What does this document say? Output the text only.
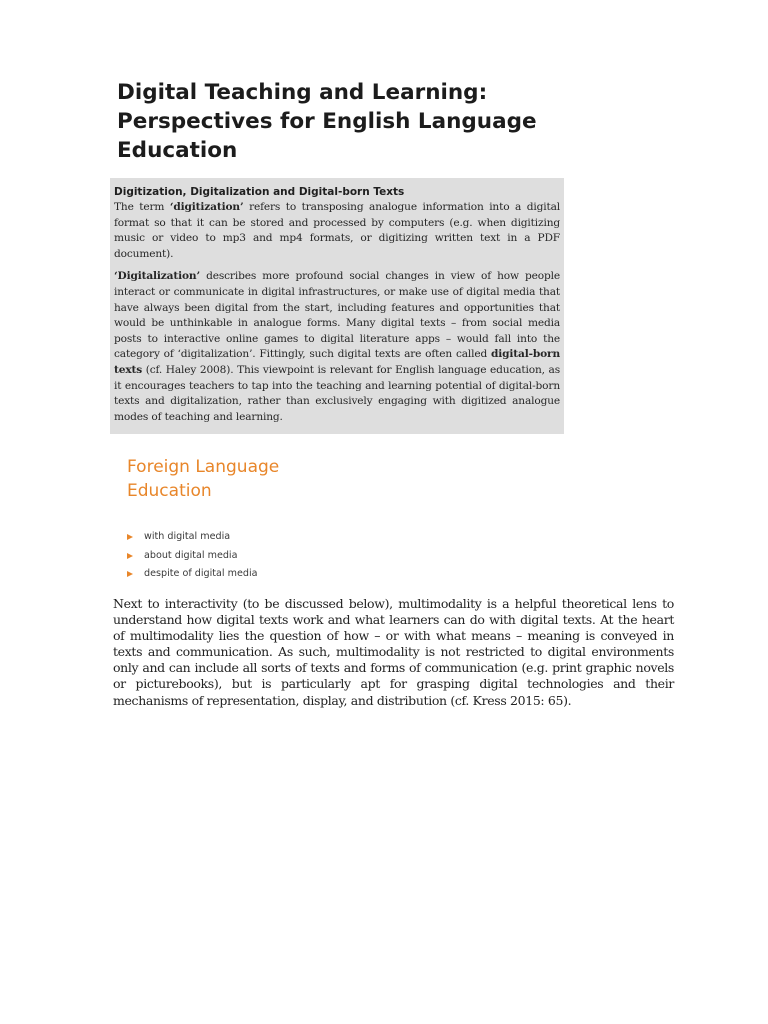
Digital Teaching and Learning:
Perspectives for English Language
Education
Digitization, Digitalization and Digital-born Texts

The term ‘digitization’ refers to transposing analogue information into a digital format so that it can be stored and processed by computers (e.g. when digitizing music or video to mp3 and mp4 formats, or digitizing written text in a PDF document).

‘Digitalization’ describes more profound social changes in view of how people interact or communicate in digital infrastructures, or make use of digital media that have always been digital from the start, including features and opportunities that would be unthinkable in analogue forms. Many digital texts – from social media posts to interactive online games to digital literature apps – would fall into the category of ‘digitalization’. Fittingly, such digital texts are often called digital-born texts (cf. Haley 2008). This viewpoint is relevant for English language education, as it encourages teachers to tap into the teaching and learning potential of digital-born texts and digitalization, rather than exclusively engaging with digitized analogue modes of teaching and learning.

Foreign Language
Education
with digital media
about digital media
despite of digital media

Next to interactivity (to be discussed below), multimodality is a helpful theoretical lens to understand how digital texts work and what learners can do with digital texts. At the heart of multimodality lies the question of how – or with what means – meaning is conveyed in texts and communication. As such, multimodality is not restricted to digital environments only and can include all sorts of texts and forms of communication (e.g. print graphic novels or picturebooks), but is particularly apt for grasping digital technologies and their mechanisms of representation, display, and distribution (cf. Kress 2015: 65).
